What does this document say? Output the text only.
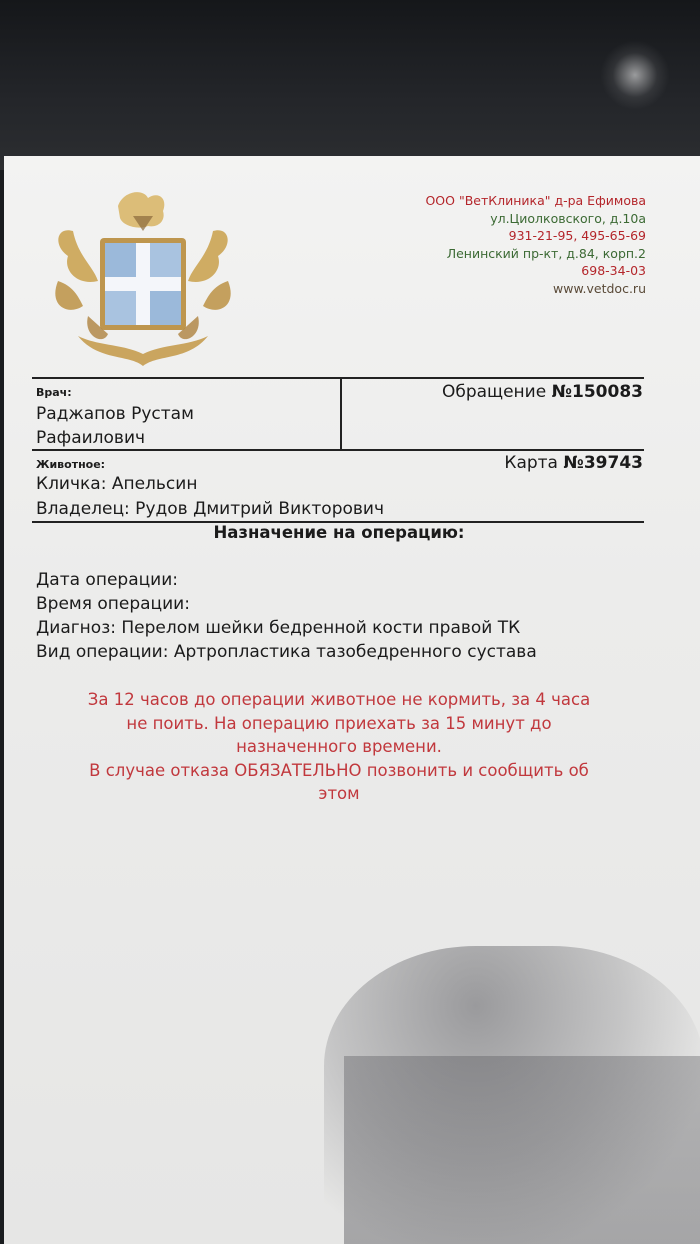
ООО "ВетКлиника" д-ра Ефимова
ул.Циолковского, д.10а
931-21-95, 495-65-69
Ленинский пр-кт, д.84, корп.2
698-34-03
www.vetdoc.ru
Врач:
Раджапов Рустам
Рафаилович
Обращение №150083
Животное:	Карта №39743
Кличка: Апельсин
Владелец: Рудов Дмитрий Викторович
Назначение на операцию:
Дата операции:
Время операции:
Диагноз: Перелом шейки бедренной кости правой ТК
Вид операции: Артропластика тазобедренного сустава
За 12 часов до операции животное не кормить, за 4 часа
не поить. На операцию приехать за 15 минут до
назначенного времени.
В случае отказа ОБЯЗАТЕЛЬНО позвонить и сообщить об
этом
